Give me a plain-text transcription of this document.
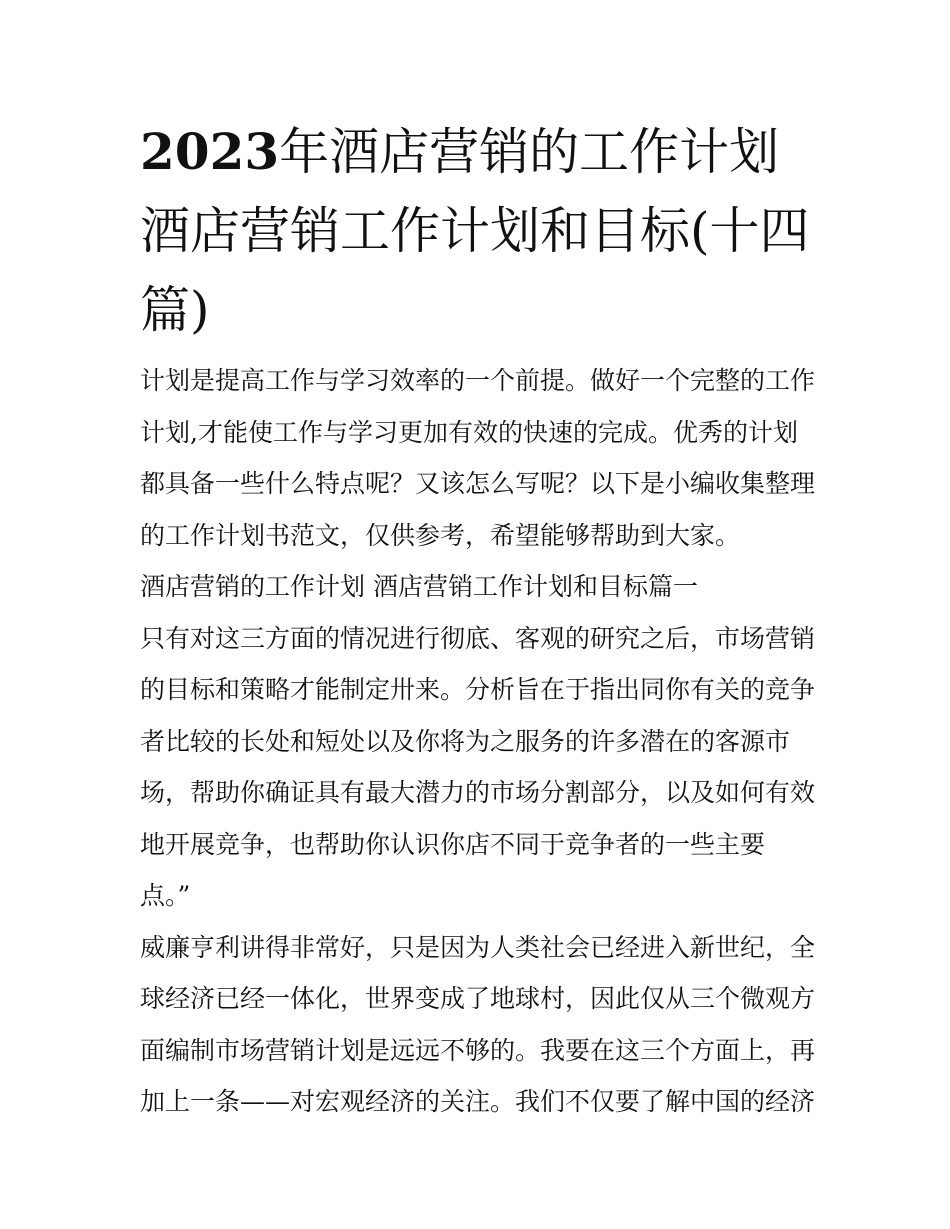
2023年酒店营销的工作计划
酒店营销工作计划和目标(十四
篇)

计划是提高工作与学习效率的一个前提。做好一个完整的工作
计划,才能使工作与学习更加有效的快速的完成。优秀的计划
都具备一些什么特点呢？又该怎么写呢？以下是小编收集整理
的工作计划书范文，仅供参考，希望能够帮助到大家。

酒店营销的工作计划 酒店营销工作计划和目标篇一

只有对这三方面的情况进行彻底、客观的研究之后，市场营销
的目标和策略才能制定卅来。分析旨在于指出同你有关的竞争
者比较的长处和短处以及你将为之服务的许多潜在的客源市
场，帮助你确证具有最大潜力的市场分割部分，以及如何有效
地开展竞争，也帮助你认识你店不同于竞争者的一些主要
点。”

威廉亨利讲得非常好，只是因为人类社会已经进入新世纪，全
球经济已经一体化，世界变成了地球村，因此仅从三个微观方
面编制市场营销计划是远远不够的。我要在这三个方面上，再
加上一条——对宏观经济的关注。我们不仅要了解中国的经济
